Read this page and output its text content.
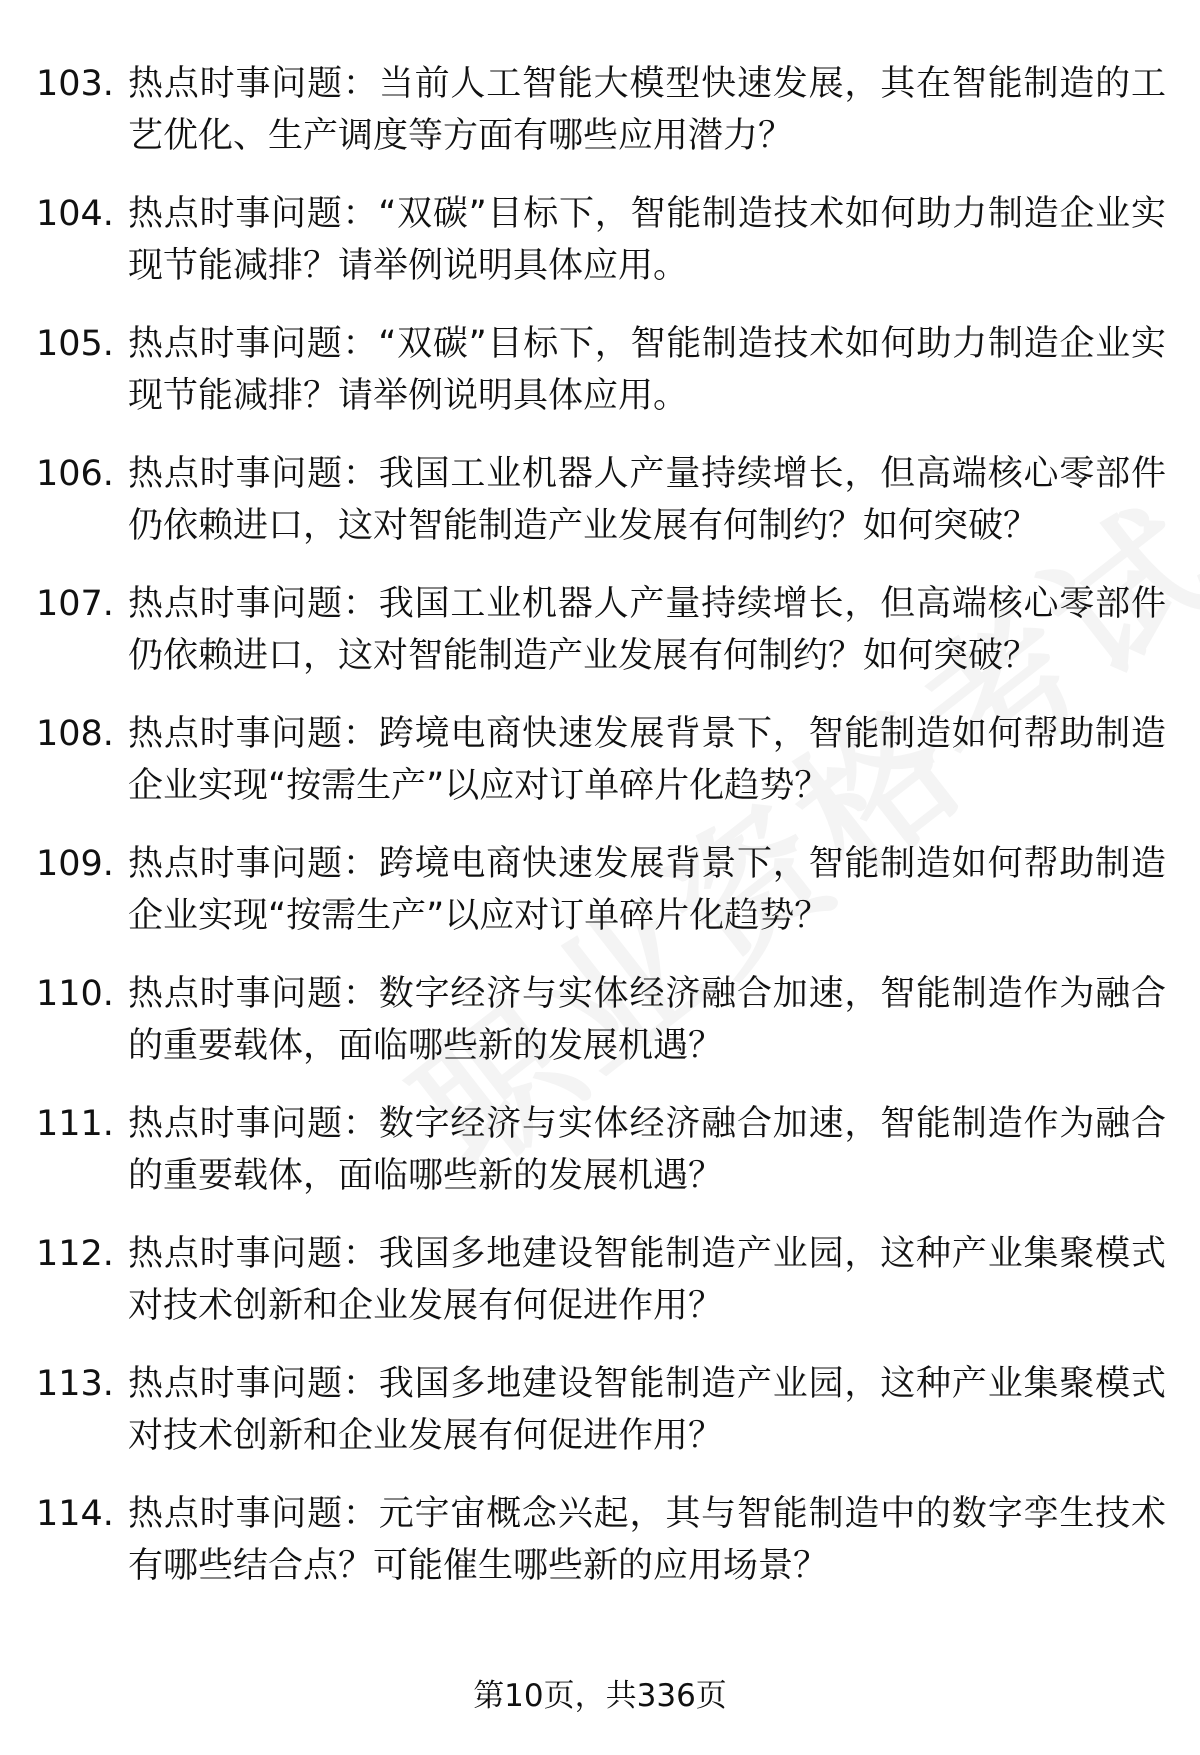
103. 热点时事问题：当前人工智能大模型快速发展，其在智能制造的工艺优化、生产调度等方面有哪些应用潜力？
104. 热点时事问题：“双碳”目标下，智能制造技术如何助力制造企业实现节能减排？请举例说明具体应用。
105. 热点时事问题：“双碳”目标下，智能制造技术如何助力制造企业实现节能减排？请举例说明具体应用。
106. 热点时事问题：我国工业机器人产量持续增长，但高端核心零部件仍依赖进口，这对智能制造产业发展有何制约？如何突破？
107. 热点时事问题：我国工业机器人产量持续增长，但高端核心零部件仍依赖进口，这对智能制造产业发展有何制约？如何突破？
108. 热点时事问题：跨境电商快速发展背景下，智能制造如何帮助制造企业实现“按需生产”以应对订单碎片化趋势？
109. 热点时事问题：跨境电商快速发展背景下，智能制造如何帮助制造企业实现“按需生产”以应对订单碎片化趋势？
110. 热点时事问题：数字经济与实体经济融合加速，智能制造作为融合的重要载体，面临哪些新的发展机遇？
111. 热点时事问题：数字经济与实体经济融合加速，智能制造作为融合的重要载体，面临哪些新的发展机遇？
112. 热点时事问题：我国多地建设智能制造产业园，这种产业集聚模式对技术创新和企业发展有何促进作用？
113. 热点时事问题：我国多地建设智能制造产业园，这种产业集聚模式对技术创新和企业发展有何促进作用？
114. 热点时事问题：元宇宙概念兴起，其与智能制造中的数字孪生技术有哪些结合点？可能催生哪些新的应用场景？
第10页，共336页
